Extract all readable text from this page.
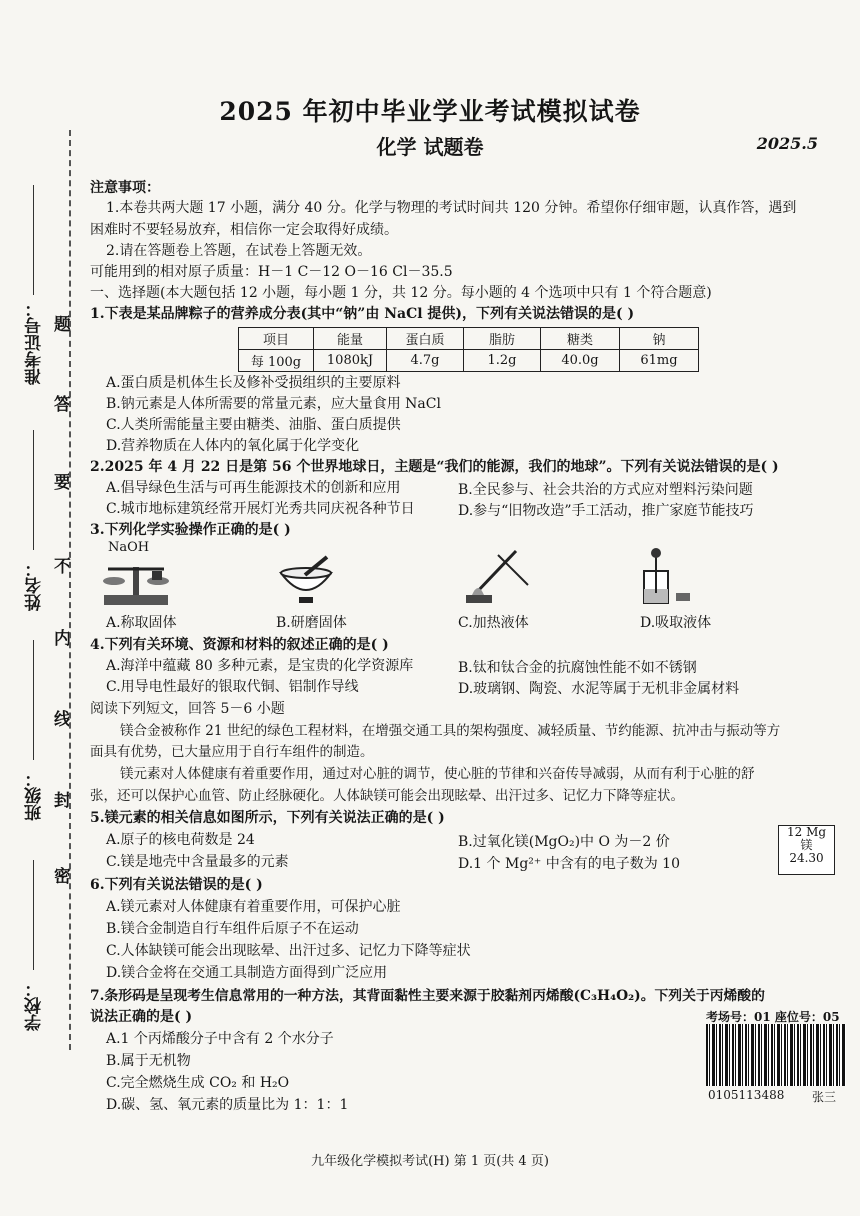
准考证号：
姓名：
班级：
学校：
题
答
要
不
内
线
封
密
2025 年初中毕业学业考试模拟试卷
化学 试题卷	2025.5
注意事项：
1.本卷共两大题 17 小题，满分 40 分。化学与物理的考试时间共 120 分钟。希望你仔细审题，认真作答，遇到
困难时不要轻易放弃，相信你一定会取得好成绩。
2.请在答题卷上答题，在试卷上答题无效。
可能用到的相对原子质量：H－1 C－12 O－16 Cl－35.5
一、选择题(本大题包括 12 小题，每小题 1 分，共 12 分。每小题的 4 个选项中只有 1 个符合题意)
1.下表是某品牌粽子的营养成分表(其中“钠”由 NaCl 提供)，下列有关说法错误的是( )
项目	能量	蛋白质	脂肪	糖类	钠
每 100g	1080kJ	4.7g	1.2g	40.0g	61mg
A.蛋白质是机体生长及修补受损组织的主要原料
B.钠元素是人体所需要的常量元素，应大量食用 NaCl
C.人类所需能量主要由糖类、油脂、蛋白质提供
D.营养物质在人体内的氧化属于化学变化
2.2025 年 4 月 22 日是第 56 个世界地球日，主题是“我们的能源，我们的地球”。下列有关说法错误的是( )
A.倡导绿色生活与可再生能源技术的创新和应用	B.全民参与、社会共治的方式应对塑料污染问题
C.城市地标建筑经常开展灯光秀共同庆祝各种节日	D.参与“旧物改造”手工活动，推广家庭节能技巧
3.下列化学实验操作正确的是( )
NaOH
A.称取固体	B.研磨固体	C.加热液体	D.吸取液体
4.下列有关环境、资源和材料的叙述正确的是( )
A.海洋中蕴藏 80 多种元素，是宝贵的化学资源库	B.钛和钛合金的抗腐蚀性能不如不锈钢
C.用导电性最好的银取代铜、铝制作导线	D.玻璃钢、陶瓷、水泥等属于无机非金属材料
阅读下列短文，回答 5－6 小题
镁合金被称作 21 世纪的绿色工程材料，在增强交通工具的架构强度、减轻质量、节约能源、抗冲击与振动等方
面具有优势，已大量应用于自行车组件的制造。
镁元素对人体健康有着重要作用，通过对心脏的调节，使心脏的节律和兴奋传导减弱，从而有利于心脏的舒
张，还可以保护心血管、防止经脉硬化。人体缺镁可能会出现眩晕、出汗过多、记忆力下降等症状。
5.镁元素的相关信息如图所示，下列有关说法正确的是( )
A.原子的核电荷数是 24	B.过氧化镁(MgO₂)中 O 为－2 价
C.镁是地壳中含量最多的元素	D.1 个 Mg²⁺ 中含有的电子数为 10
12 Mg
镁
24.30
6.下列有关说法错误的是( )
A.镁元素对人体健康有着重要作用，可保护心脏
B.镁合金制造自行车组件后原子不在运动
C.人体缺镁可能会出现眩晕、出汗过多、记忆力下降等症状
D.镁合金将在交通工具制造方面得到广泛应用
7.条形码是呈现考生信息常用的一种方法，其背面黏性主要来源于胶黏剂丙烯酸(C₃H₄O₂)。下列关于丙烯酸的
说法正确的是( )
A.1 个丙烯酸分子中含有 2 个水分子
B.属于无机物
C.完全燃烧生成 CO₂ 和 H₂O
D.碳、氢、氧元素的质量比为 1：1：1
考场号：01 座位号：05
0105113488 张三
九年级化学模拟考试(H) 第 1 页(共 4 页)
